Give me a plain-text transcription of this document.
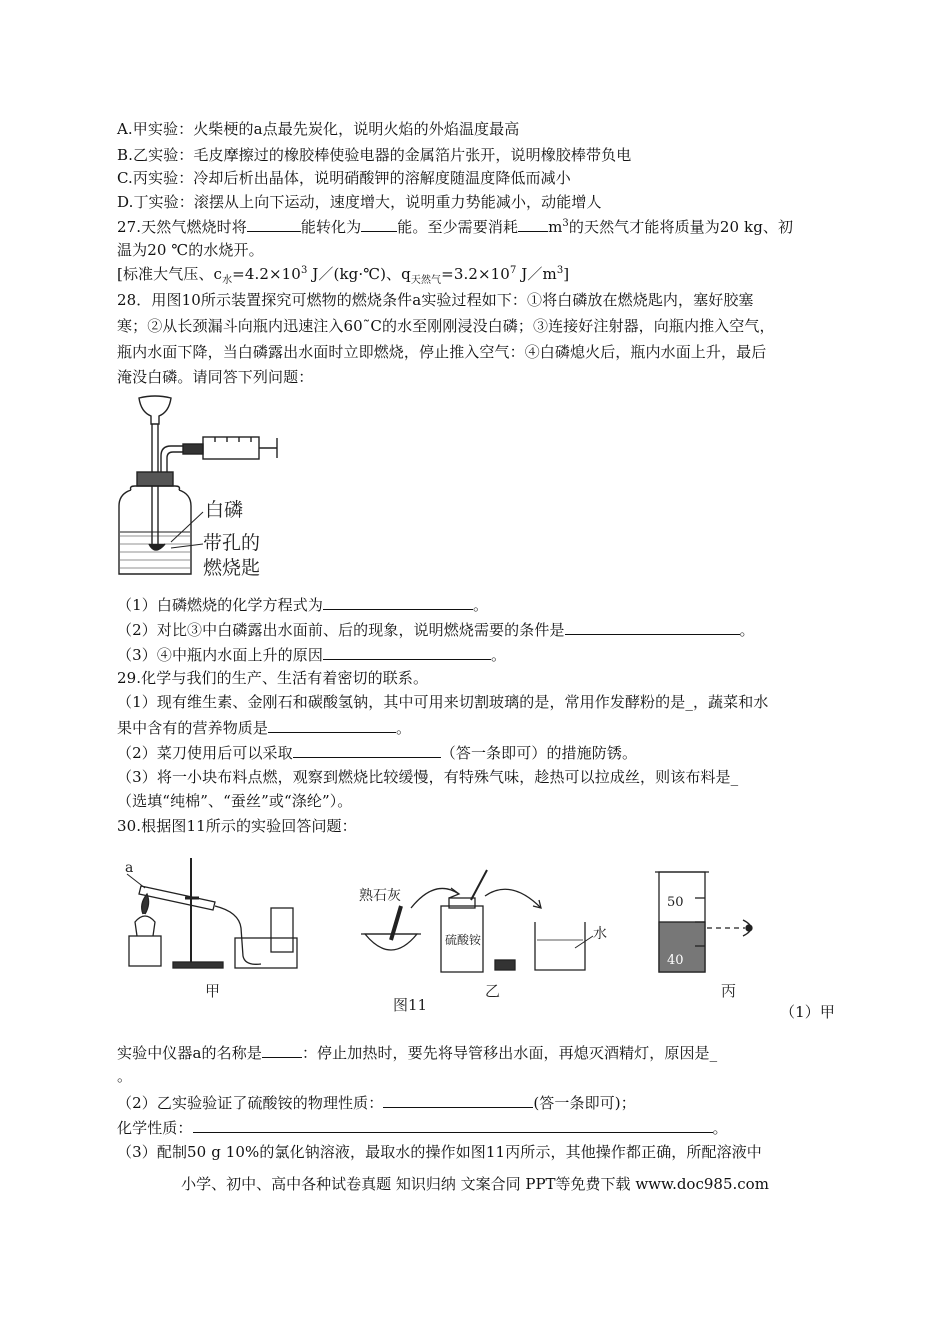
A.甲实验：火柴梗的a点最先炭化，说明火焰的外焰温度最高
B.乙实验：毛皮摩擦过的橡胶棒使验电器的金属箔片张开，说明橡胶棒带负电
C.丙实验：冷却后析出晶体，说明硝酸钾的溶解度随温度降低而减小
D.丁实验：滚摆从上向下运动，速度增大，说明重力势能减小，动能增人
27.天然气燃烧时将	能转化为 能。至少需要消耗 $m^3$的天然气才能将质量为20 kg、初
温为20 ℃的水烧开。
[标准大气压、$c_水=4.2\times 10^3$ J／(kg·℃)、$q_{天然气}=3.2\times 10^7$ $J/m^3$]
28．用图10所示装置探究可燃物的燃烧条件a实验过程如下：①将白磷放在燃烧匙内，塞好胶塞
寒；②从长颈漏斗向瓶内迅速注入60˜C的水至刚刚浸没白磷；③连接好注射器，向瓶内推入空气，
瓶内水面下降，当白磷露出水面时立即燃烧，停止推入空气：④白磷熄火后，瓶内水面上升，最后
淹没白磷。请同答下列问题：
白磷
带孔的
燃烧匙
（1）白磷燃烧的化学方程式为	。
（2）对比③中白磷露出水面前、后的现象，说明燃烧需要的条件是	。
（3）④中瓶内水面上升的原因	。
29.化学与我们的生产、生活有着密切的联系。
（1）现有维生素、金刚石和碳酸氢钠，其中可用来切割玻璃的是，常用作发酵粉的是_，蔬菜和水
果中含有的营养物质是	。
（2）菜刀使用后可以采取	（答一条即可）的措施防锈。
（3）将一小块布料点燃，观察到燃烧比较缓慢，有特殊气味，趁热可以拉成丝，则该布料是_
（选填“纯棉”、“蚕丝”或“涤纶”）。
30.根据图11所示的实验回答问题：
a
熟石灰
硫酸铵	水
50
40
甲
图11
乙	丙
（1）甲
实验中仪器a的名称是	：停止加热时，要先将导管移出水面，再熄灭酒精灯，原因是_
。
（2）乙实验验证了硫酸铵的物理性质：	(答一条即可)；
化学性质：	。
（3）配制50 g 10%的氯化钠溶液，最取水的操作如图11丙所示，其他操作都正确，所配溶液中
小学、初中、高中各种试卷真题 知识归纳 文案合同 PPT等免费下载 www.doc985.com
